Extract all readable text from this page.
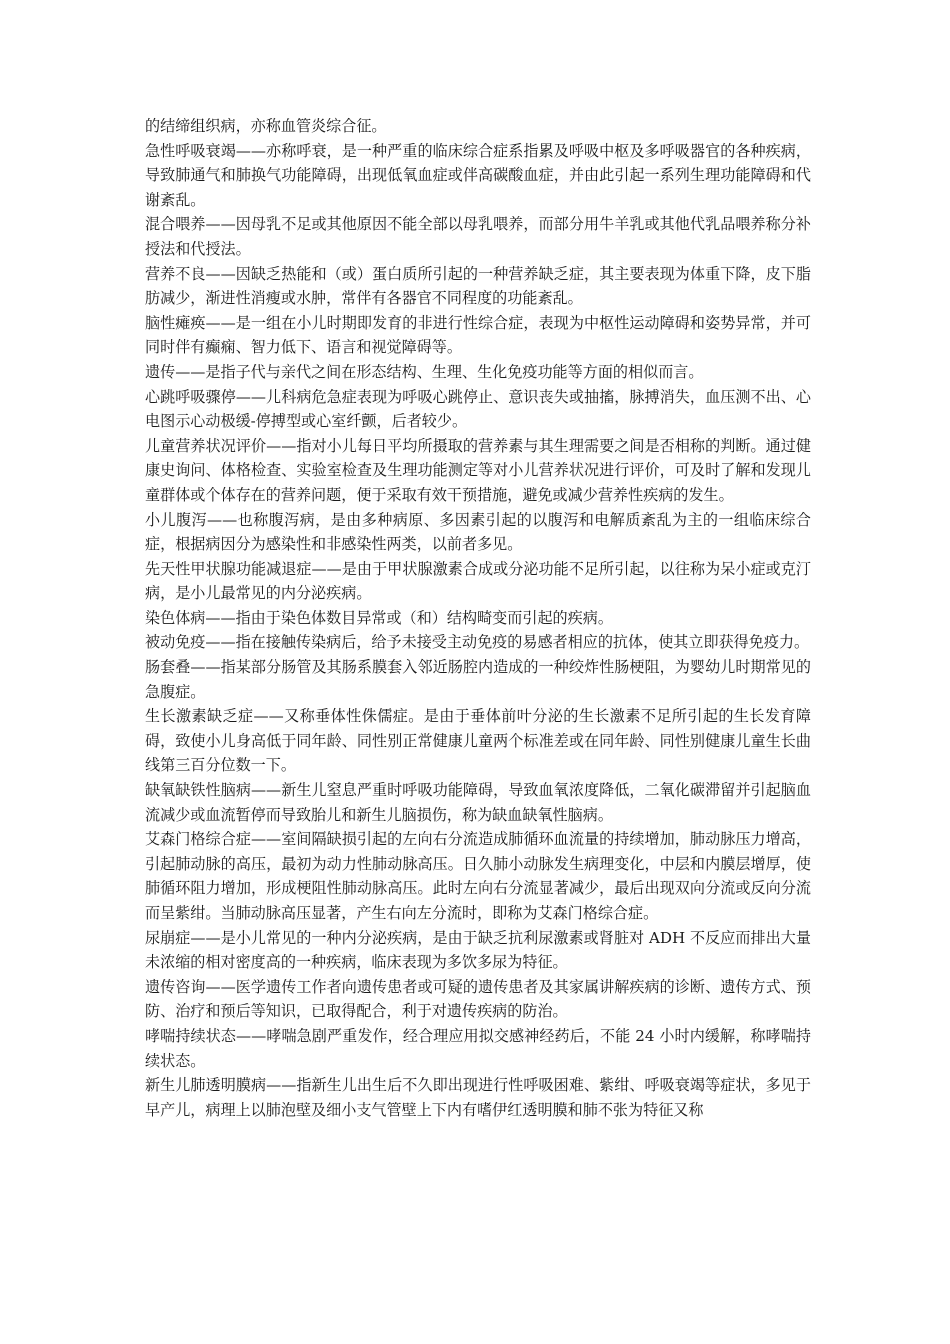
的结缔组织病，亦称血管炎综合征。

急性呼吸衰竭——亦称呼衰，是一种严重的临床综合症系指累及呼吸中枢及多呼吸器官的各种疾病，导致肺通气和肺换气功能障碍，出现低氧血症或伴高碳酸血症，并由此引起一系列生理功能障碍和代谢紊乱。

混合喂养——因母乳不足或其他原因不能全部以母乳喂养，而部分用牛羊乳或其他代乳品喂养称分补授法和代授法。

营养不良——因缺乏热能和（或）蛋白质所引起的一种营养缺乏症，其主要表现为体重下降，皮下脂肪减少，渐进性消瘦或水肿，常伴有各器官不同程度的功能紊乱。

脑性瘫痪——是一组在小儿时期即发育的非进行性综合症，表现为中枢性运动障碍和姿势异常，并可同时伴有癫痫、智力低下、语言和视觉障碍等。

遗传——是指子代与亲代之间在形态结构、生理、生化免疫功能等方面的相似而言。

心跳呼吸骤停——儿科病危急症表现为呼吸心跳停止、意识丧失或抽搐，脉搏消失，血压测不出、心电图示心动极缓-停搏型或心室纤颤，后者较少。

儿童营养状况评价——指对小儿每日平均所摄取的营养素与其生理需要之间是否相称的判断。通过健康史询问、体格检查、实验室检查及生理功能测定等对小儿营养状况进行评价，可及时了解和发现儿童群体或个体存在的营养问题，便于采取有效干预措施，避免或减少营养性疾病的发生。

小儿腹泻——也称腹泻病，是由多种病原、多因素引起的以腹泻和电解质紊乱为主的一组临床综合症，根据病因分为感染性和非感染性两类，以前者多见。

先天性甲状腺功能减退症——是由于甲状腺激素合成或分泌功能不足所引起，以往称为呆小症或克汀病，是小儿最常见的内分泌疾病。

染色体病——指由于染色体数目异常或（和）结构畸变而引起的疾病。

被动免疫——指在接触传染病后，给予未接受主动免疫的易感者相应的抗体，使其立即获得免疫力。

肠套叠——指某部分肠管及其肠系膜套入邻近肠腔内造成的一种绞炸性肠梗阻，为婴幼儿时期常见的急腹症。

生长激素缺乏症——又称垂体性侏儒症。是由于垂体前叶分泌的生长激素不足所引起的生长发育障碍，致使小儿身高低于同年龄、同性别正常健康儿童两个标准差或在同年龄、同性别健康儿童生长曲线第三百分位数一下。

缺氧缺铁性脑病——新生儿窒息严重时呼吸功能障碍，导致血氧浓度降低，二氧化碳滞留并引起脑血流减少或血流暂停而导致胎儿和新生儿脑损伤，称为缺血缺氧性脑病。

艾森门格综合症——室间隔缺损引起的左向右分流造成肺循环血流量的持续增加，肺动脉压力增高，引起肺动脉的高压，最初为动力性肺动脉高压。日久肺小动脉发生病理变化，中层和内膜层增厚，使肺循环阻力增加，形成梗阻性肺动脉高压。此时左向右分流显著减少，最后出现双向分流或反向分流而呈紫绀。当肺动脉高压显著，产生右向左分流时，即称为艾森门格综合症。

尿崩症——是小儿常见的一种内分泌疾病，是由于缺乏抗利尿激素或肾脏对 ADH 不反应而排出大量未浓缩的相对密度高的一种疾病，临床表现为多饮多尿为特征。

遗传咨询——医学遗传工作者向遗传患者或可疑的遗传患者及其家属讲解疾病的诊断、遗传方式、预防、治疗和预后等知识，已取得配合，利于对遗传疾病的防治。

哮喘持续状态——哮喘急剧严重发作，经合理应用拟交感神经药后，不能 24 小时内缓解，称哮喘持续状态。

新生儿肺透明膜病——指新生儿出生后不久即出现进行性呼吸困难、紫绀、呼吸衰竭等症状，多见于早产儿，病理上以肺泡壁及细小支气管壁上下内有嗜伊红透明膜和肺不张为特征又称
